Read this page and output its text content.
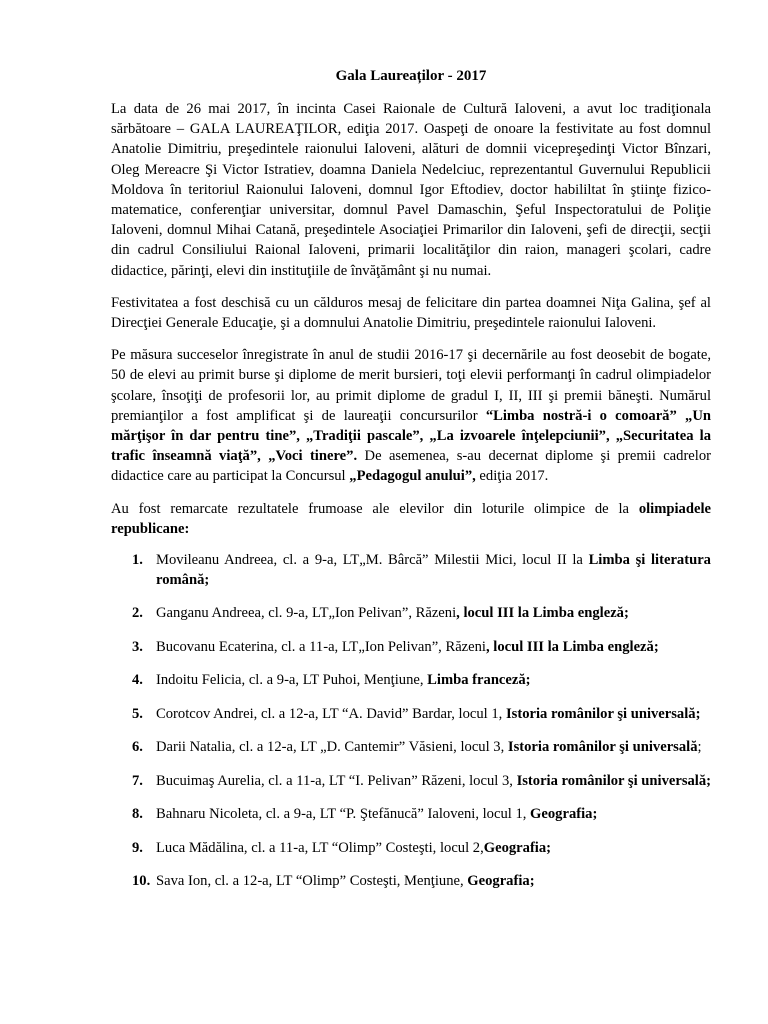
Gala Laureaților - 2017

La data de 26 mai 2017, în incinta Casei Raionale de Cultură Ialoveni, a avut loc tradiţionala sărbătoare – GALA LAUREAŢILOR, ediţia 2017. Oaspeţi de onoare la festivitate au fost domnul Anatolie Dimitriu, preşedintele raionului Ialoveni, alături de domnii vicepreşedinţi Victor Bînzari, Oleg Mereacre Şi Victor Istratiev, doamna Daniela Nedelciuc, reprezentantul Guvernului Republicii Moldova în teritoriul Raionului Ialoveni, domnul Igor Eftodiev, doctor habililtat în ştiinţe fizico-matematice, conferenţiar universitar, domnul Pavel Damaschin, Şeful Inspectoratului de Poliţie Ialoveni, domnul Mihai Catană, preşedintele Asociaţiei Primarilor din Ialoveni, şefi de direcţii, secţii din cadrul Consiliului Raional Ialoveni, primarii localităţilor din raion, manageri şcolari, cadre didactice, părinţi, elevi din instituţiile de învăţământ şi nu numai.

Festivitatea a fost deschisă cu un călduros mesaj de felicitare din partea doamnei Niţa Galina, şef al Direcţiei Generale Educaţie, şi a domnului Anatolie Dimitriu, preşedintele raionului Ialoveni.

Pe măsura succeselor înregistrate în anul de studii 2016-17 şi decernările au fost deosebit de bogate, 50 de elevi au primit burse şi diplome de merit bursieri, toţi elevii performanţi în cadrul olimpiadelor şcolare, însoţiţi de profesorii lor, au primit diplome de gradul I, II, III şi premii băneşti. Numărul premianţilor a fost amplificat şi de laureaţii concursurilor “Limba nostră-i o comoară” „Un mărţişor în dar pentru tine”, „Tradiţii pascale”, „La izvoarele înţelepciunii”, „Securitatea la trafic înseamnă viaţă”, „Voci tinere”. De asemenea, s-au decernat diplome şi premii cadrelor didactice care au participat la Concursul „Pedagogul anului”, ediţia 2017.

Au fost remarcate rezultatele frumoase ale elevilor din loturile olimpice de la olimpiadele republicane:

1. Movileanu Andreea, cl. a 9-a, LT„M. Bârcă” Milestii Mici, locul II la Limba şi literatura română;
2. Ganganu Andreea, cl. 9-a, LT„Ion Pelivan”, Răzeni, locul III la Limba engleză;
3. Bucovanu Ecaterina, cl. a 11-a, LT„Ion Pelivan”, Răzeni, locul III la Limba engleză;
4. Indoitu Felicia, cl. a 9-a, LT Puhoi, Menţiune, Limba franceză;
5. Corotcov Andrei, cl. a 12-a, LT “A. David” Bardar, locul 1, Istoria românilor şi universală;
6. Darii Natalia, cl. a 12-a, LT „D. Cantemir” Văsieni, locul 3, Istoria românilor şi universală;
7. Bucuimaş Aurelia, cl. a 11-a, LT “I. Pelivan” Răzeni, locul 3, Istoria românilor şi universală;
8. Bahnaru Nicoleta, cl. a 9-a, LT “P. Ştefănucă” Ialoveni, locul 1, Geografia;
9. Luca Mădălina, cl. a 11-a, LT “Olimp” Costeşti, locul 2,Geografia;
10. Sava Ion, cl. a 12-a, LT “Olimp” Costeşti, Menţiune, Geografia;
